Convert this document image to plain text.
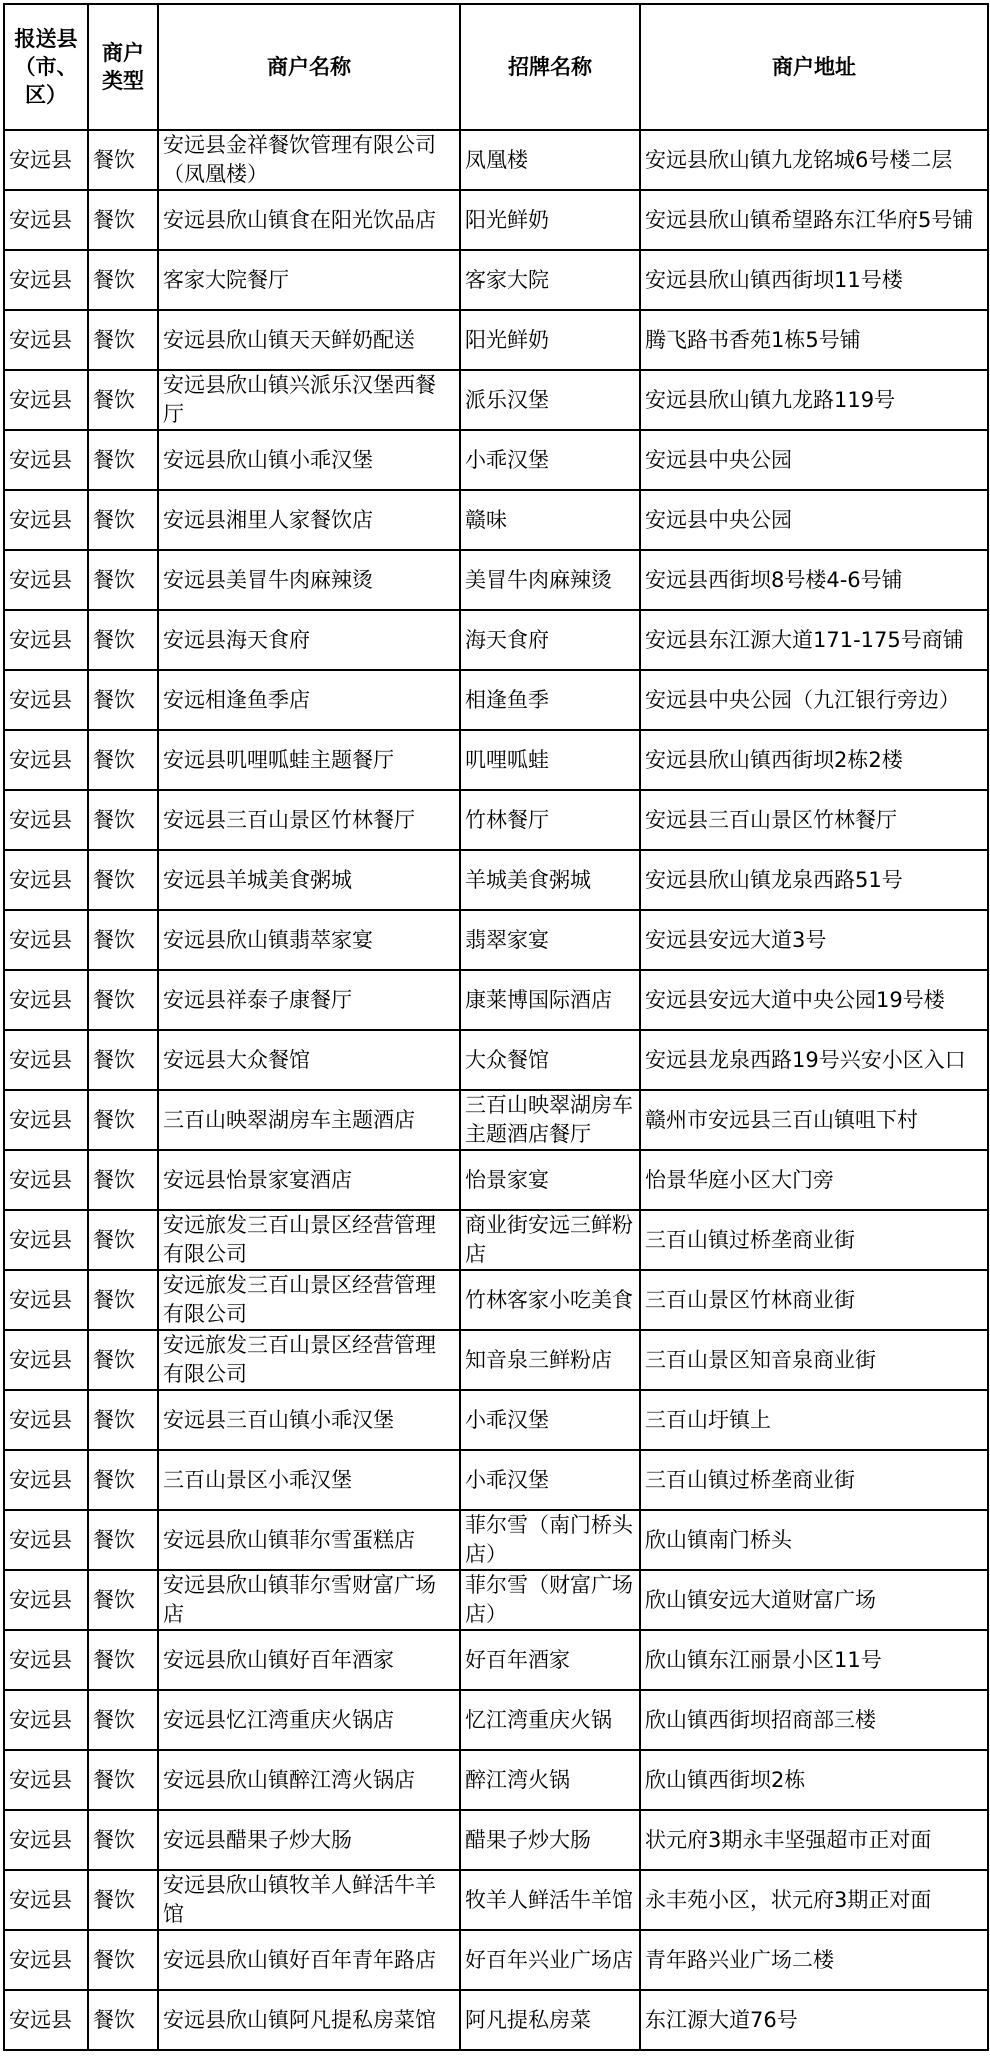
报送县（市、区）	商户类型	商户名称	招牌名称	商户地址
安远县	餐饮	安远县金祥餐饮管理有限公司（凤凰楼）	凤凰楼	安远县欣山镇九龙铭城6号楼二层
安远县	餐饮	安远县欣山镇食在阳光饮品店	阳光鲜奶	安远县欣山镇希望路东江华府5号铺
安远县	餐饮	客家大院餐厅	客家大院	安远县欣山镇西街坝11号楼
安远县	餐饮	安远县欣山镇天天鲜奶配送	阳光鲜奶	腾飞路书香苑1栋5号铺
安远县	餐饮	安远县欣山镇兴派乐汉堡西餐厅	派乐汉堡	安远县欣山镇九龙路119号
安远县	餐饮	安远县欣山镇小乖汉堡	小乖汉堡	安远县中央公园
安远县	餐饮	安远县湘里人家餐饮店	赣味	安远县中央公园
安远县	餐饮	安远县美冒牛肉麻辣烫	美冒牛肉麻辣烫	安远县西街坝8号楼4-6号铺
安远县	餐饮	安远县海天食府	海天食府	安远县东江源大道171-175号商铺
安远县	餐饮	安远相逢鱼季店	相逢鱼季	安远县中央公园（九江银行旁边）
安远县	餐饮	安远县叽哩呱蛙主题餐厅	叽哩呱蛙	安远县欣山镇西街坝2栋2楼
安远县	餐饮	安远县三百山景区竹林餐厅	竹林餐厅	安远县三百山景区竹林餐厅
安远县	餐饮	安远县羊城美食粥城	羊城美食粥城	安远县欣山镇龙泉西路51号
安远县	餐饮	安远县欣山镇翡萃家宴	翡翠家宴	安远县安远大道3号
安远县	餐饮	安远县祥泰子康餐厅	康莱博国际酒店	安远县安远大道中央公园19号楼
安远县	餐饮	安远县大众餐馆	大众餐馆	安远县龙泉西路19号兴安小区入口
安远县	餐饮	三百山映翠湖房车主题酒店	三百山映翠湖房车主题酒店餐厅	赣州市安远县三百山镇咀下村
安远县	餐饮	安远县怡景家宴酒店	怡景家宴	怡景华庭小区大门旁
安远县	餐饮	安远旅发三百山景区经营管理有限公司	商业街安远三鲜粉店	三百山镇过桥垄商业街
安远县	餐饮	安远旅发三百山景区经营管理有限公司	竹林客家小吃美食	三百山景区竹林商业街
安远县	餐饮	安远旅发三百山景区经营管理有限公司	知音泉三鲜粉店	三百山景区知音泉商业街
安远县	餐饮	安远县三百山镇小乖汉堡	小乖汉堡	三百山圩镇上
安远县	餐饮	三百山景区小乖汉堡	小乖汉堡	三百山镇过桥垄商业街
安远县	餐饮	安远县欣山镇菲尔雪蛋糕店	菲尔雪（南门桥头店）	欣山镇南门桥头
安远县	餐饮	安远县欣山镇菲尔雪财富广场店	菲尔雪（财富广场店）	欣山镇安远大道财富广场
安远县	餐饮	安远县欣山镇好百年酒家	好百年酒家	欣山镇东江丽景小区11号
安远县	餐饮	安远县忆江湾重庆火锅店	忆江湾重庆火锅	欣山镇西街坝招商部三楼
安远县	餐饮	安远县欣山镇醉江湾火锅店	醉江湾火锅	欣山镇西街坝2栋
安远县	餐饮	安远县醋果子炒大肠	醋果子炒大肠	状元府3期永丰坚强超市正对面
安远县	餐饮	安远县欣山镇牧羊人鲜活牛羊馆	牧羊人鲜活牛羊馆	永丰苑小区，状元府3期正对面
安远县	餐饮	安远县欣山镇好百年青年路店	好百年兴业广场店	青年路兴业广场二楼
安远县	餐饮	安远县欣山镇阿凡提私房菜馆	阿凡提私房菜	东江源大道76号
